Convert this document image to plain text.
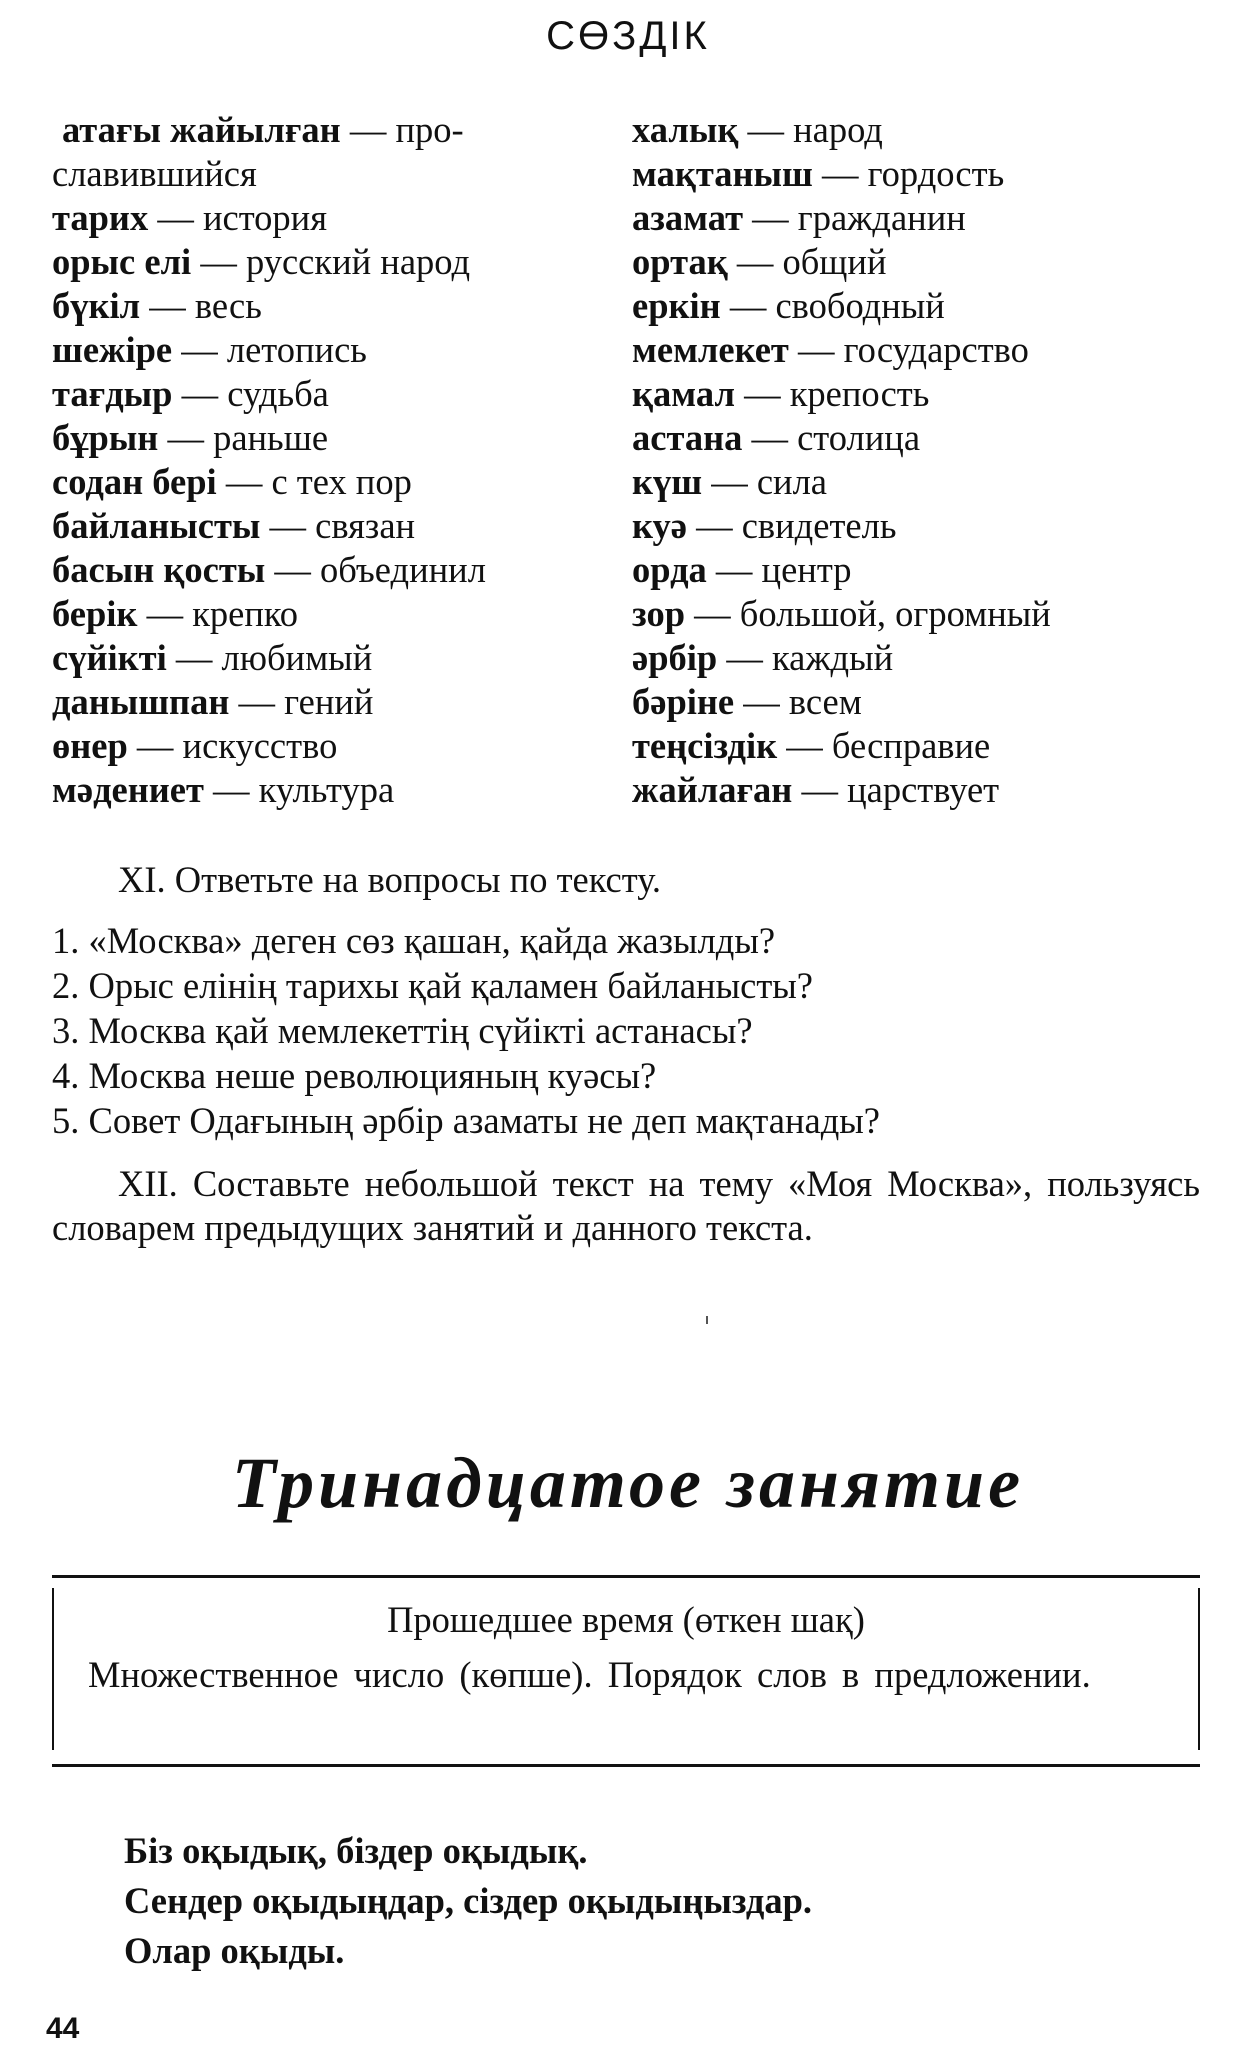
СӨЗДІК
атағы жайылған — про-
славившийся
тарих — история
орыс елі — русский народ
бүкіл — весь
шежіре — летопись
тағдыр — судьба
бұрын — раньше
содан бері — с тех пор
байланысты — связан
басын қосты — объединил
берік — крепко
сүйікті — любимый
данышпан — гений
өнер — искусство
мәдениет — культура
халық — народ
мақтаныш — гордость
азамат — гражданин
ортақ — общий
еркін — свободный
мемлекет — государство
қамал — крепость
астана — столица
күш — сила
куә — свидетель
орда — центр
зор — большой, огромный
әрбір — каждый
бәріне — всем
теңсіздік — бесправие
жайлаған — царствует
XI. Ответьте на вопросы по тексту.
1. «Москва» деген сөз қашан, қайда жазылды?
2. Орыс елінің тарихы қай қаламен байланысты?
3. Москва қай мемлекеттің сүйікті астанасы?
4. Москва неше революцияның куәсы?
5. Совет Одағының әрбір азаматы не деп мақтанады?
XII. Составьте небольшой текст на тему «Моя Москва», пользуясь словарем предыдущих занятий и данного текста.
Тринадцатое занятие
Прошедшее время (өткен шақ)
Множественное число (көпше). Порядок слов в предложении.
Біз оқыдық, біздер оқыдық.
Сендер оқыдыңдар, сіздер оқыдыңыздар.
Олар оқыды.
44
